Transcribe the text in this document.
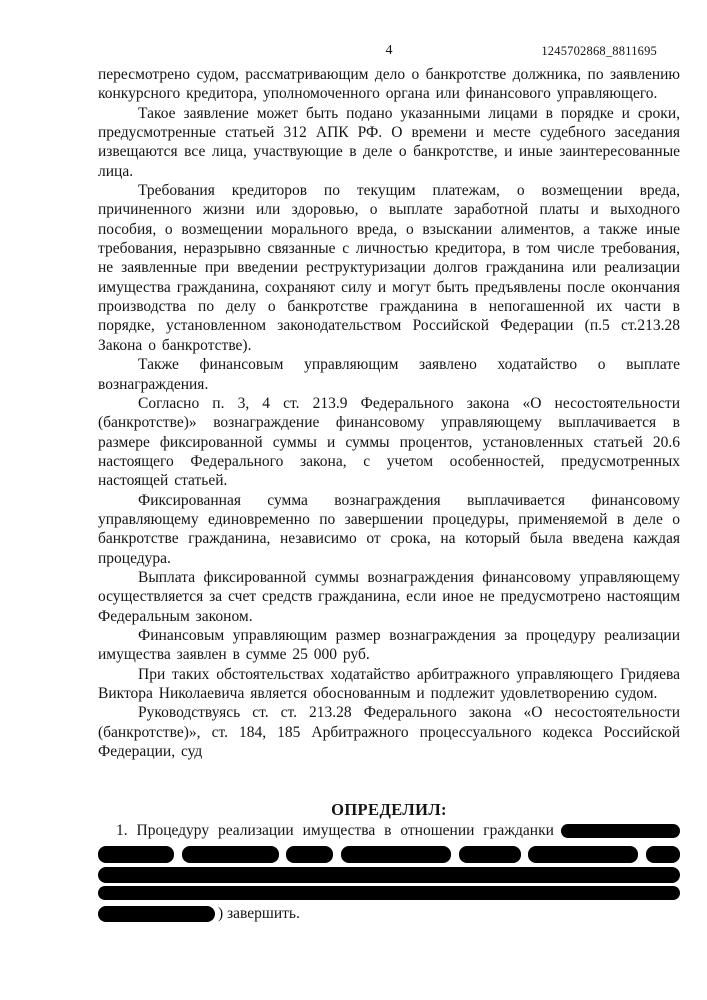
4	1245702868_8811695

пересмотрено судом, рассматривающим дело о банкротстве должника, по заявлению конкурсного кредитора, уполномоченного органа или финансового управляющего.

Такое заявление может быть подано указанными лицами в порядке и сроки, предусмотренные статьей 312 АПК РФ. О времени и месте судебного заседания извещаются все лица, участвующие в деле о банкротстве, и иные заинтересованные лица.

Требования кредиторов по текущим платежам, о возмещении вреда, причиненного жизни или здоровью, о выплате заработной платы и выходного пособия, о возмещении морального вреда, о взыскании алиментов, а также иные требования, неразрывно связанные с личностью кредитора, в том числе требования, не заявленные при введении реструктуризации долгов гражданина или реализации имущества гражданина, сохраняют силу и могут быть предъявлены после окончания производства по делу о банкротстве гражданина в непогашенной их части в порядке, установленном законодательством Российской Федерации (п.5 ст.213.28 Закона о банкротстве).

Также финансовым управляющим заявлено ходатайство о выплате вознаграждения.

Согласно п. 3, 4 ст. 213.9 Федерального закона «О несостоятельности (банкротстве)» вознаграждение финансовому управляющему выплачивается в размере фиксированной суммы и суммы процентов, установленных статьей 20.6 настоящего Федерального закона, с учетом особенностей, предусмотренных настоящей статьей.

Фиксированная сумма вознаграждения выплачивается финансовому управляющему единовременно по завершении процедуры, применяемой в деле о банкротстве гражданина, независимо от срока, на который была введена каждая процедура.

Выплата фиксированной суммы вознаграждения финансовому управляющему осуществляется за счет средств гражданина, если иное не предусмотрено настоящим Федеральным законом.

Финансовым управляющим размер вознаграждения за процедуру реализации имущества заявлен в сумме 25 000 руб.

При таких обстоятельствах ходатайство арбитражного управляющего Гридяева Виктора Николаевича является обоснованным и подлежит удовлетворению судом.

Руководствуясь ст. ст. 213.28 Федерального закона «О несостоятельности (банкротстве)», ст. 184, 185 Арбитражного процессуального кодекса Российской Федерации, суд

ОПРЕДЕЛИЛ:
1. Процедуру реализации имущества в отношении гражданки
) завершить.
